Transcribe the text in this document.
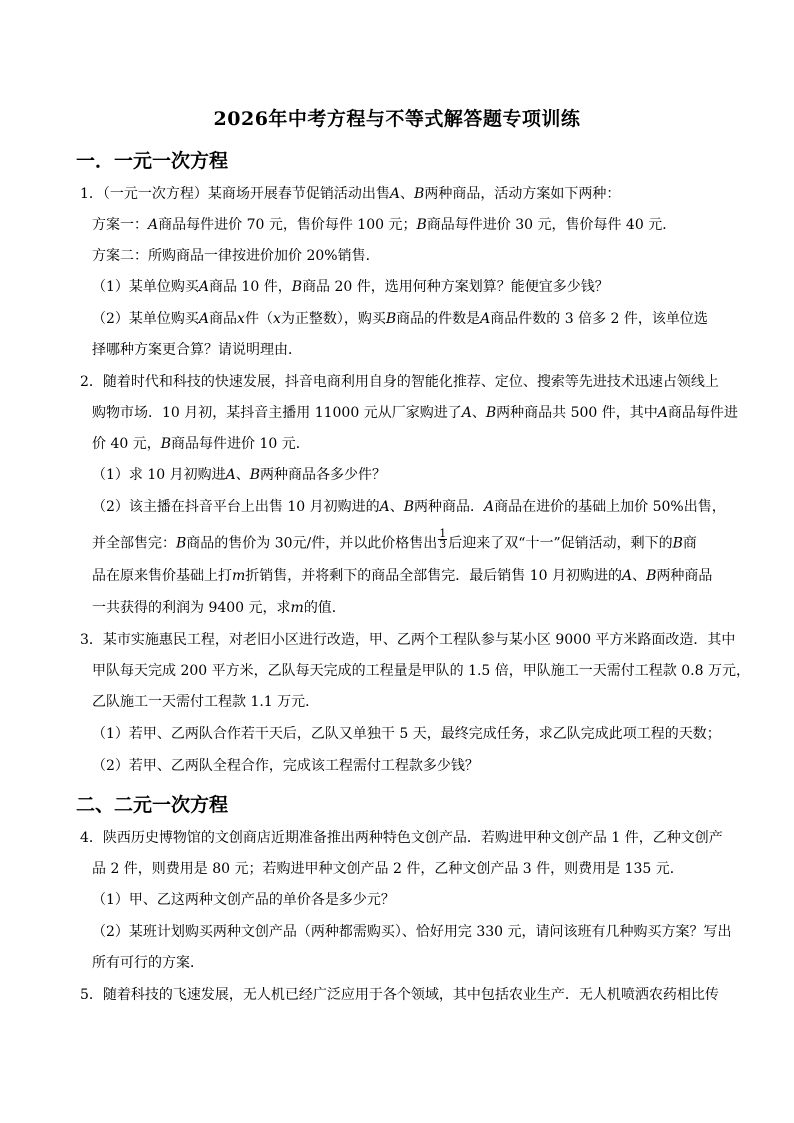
2026年中考方程与不等式解答题专项训练
一．一元一次方程
1．（一元一次方程）某商场开展春节促销活动出售A、B两种商品，活动方案如下两种：
方案一：A商品每件进价 70 元，售价每件 100 元；B商品每件进价 30 元，售价每件 40 元．
方案二：所购商品一律按进价加价 20%销售．
（1）某单位购买A商品 10 件，B商品 20 件，选用何种方案划算？能便宜多少钱？
（2）某单位购买A商品x件（x为正整数），购买B商品的件数是A商品件数的 3 倍多 2 件，该单位选
择哪种方案更合算？请说明理由．
2．随着时代和科技的快速发展，抖音电商利用自身的智能化推荐、定位、搜索等先进技术迅速占领线上
购物市场．10 月初，某抖音主播用 11000 元从厂家购进了A、B两种商品共 500 件，其中A商品每件进
价 40 元，B商品每件进价 10 元．
（1）求 10 月初购进A、B两种商品各多少件？
（2）该主播在抖音平台上出售 10 月初购进的A、B两种商品．A商品在进价的基础上加价 50%出售，
并全部售完：B商品的售价为 30元/件，并以此价格售出 $\frac{1}{3}$ 后迎来了双“十一”促销活动，剩下的B商
品在原来售价基础上打m折销售，并将剩下的商品全部售完．最后销售 10 月初购进的A、B两种商品
一共获得的利润为 9400 元，求m的值．
3．某市实施惠民工程，对老旧小区进行改造，甲、乙两个工程队参与某小区 9000 平方米路面改造．其中
甲队每天完成 200 平方米，乙队每天完成的工程量是甲队的 1.5 倍，甲队施工一天需付工程款 0.8 万元，
乙队施工一天需付工程款 1.1 万元．
（1）若甲、乙两队合作若干天后，乙队又单独干 5 天，最终完成任务，求乙队完成此项工程的天数；
（2）若甲、乙两队全程合作，完成该工程需付工程款多少钱？
二、二元一次方程
4．陕西历史博物馆的文创商店近期准备推出两种特色文创产品．若购进甲种文创产品 1 件，乙种文创产
品 2 件，则费用是 80 元；若购进甲种文创产品 2 件，乙种文创产品 3 件，则费用是 135 元．
（1）甲、乙这两种文创产品的单价各是多少元？
（2）某班计划购买两种文创产品（两种都需购买）、恰好用完 330 元，请问该班有几种购买方案？写出
所有可行的方案．
5．随着科技的飞速发展，无人机已经广泛应用于各个领域，其中包括农业生产．无人机喷洒农药相比传
